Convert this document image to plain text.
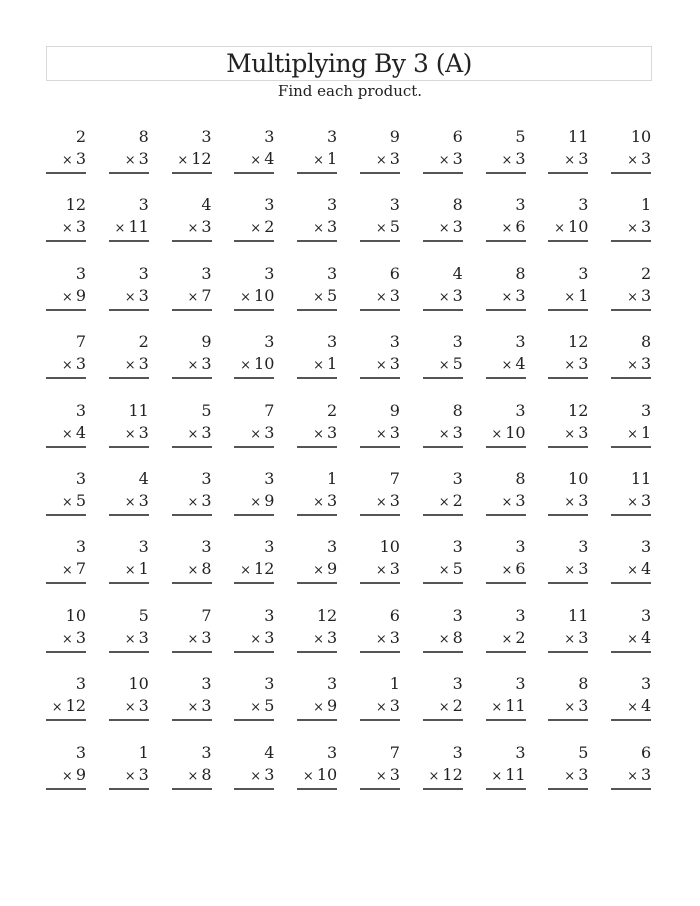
Multiplying By 3 (A)
Find each product.
2
× 3
8
× 3
3
× 12
3
× 4
3
× 1
9
× 3
6
× 3
5
× 3
11
× 3
10
× 3
12
× 3
3
× 11
4
× 3
3
× 2
3
× 3
3
× 5
8
× 3
3
× 6
3
× 10
1
× 3
3
× 9
3
× 3
3
× 7
3
× 10
3
× 5
6
× 3
4
× 3
8
× 3
3
× 1
2
× 3
7
× 3
2
× 3
9
× 3
3
× 10
3
× 1
3
× 3
3
× 5
3
× 4
12
× 3
8
× 3
3
× 4
11
× 3
5
× 3
7
× 3
2
× 3
9
× 3
8
× 3
3
× 10
12
× 3
3
× 1
3
× 5
4
× 3
3
× 3
3
× 9
1
× 3
7
× 3
3
× 2
8
× 3
10
× 3
11
× 3
3
× 7
3
× 1
3
× 8
3
× 12
3
× 9
10
× 3
3
× 5
3
× 6
3
× 3
3
× 4
10
× 3
5
× 3
7
× 3
3
× 3
12
× 3
6
× 3
3
× 8
3
× 2
11
× 3
3
× 4
3
× 12
10
× 3
3
× 3
3
× 5
3
× 9
1
× 3
3
× 2
3
× 11
8
× 3
3
× 4
3
× 9
1
× 3
3
× 8
4
× 3
3
× 10
7
× 3
3
× 12
3
× 11
5
× 3
6
× 3
